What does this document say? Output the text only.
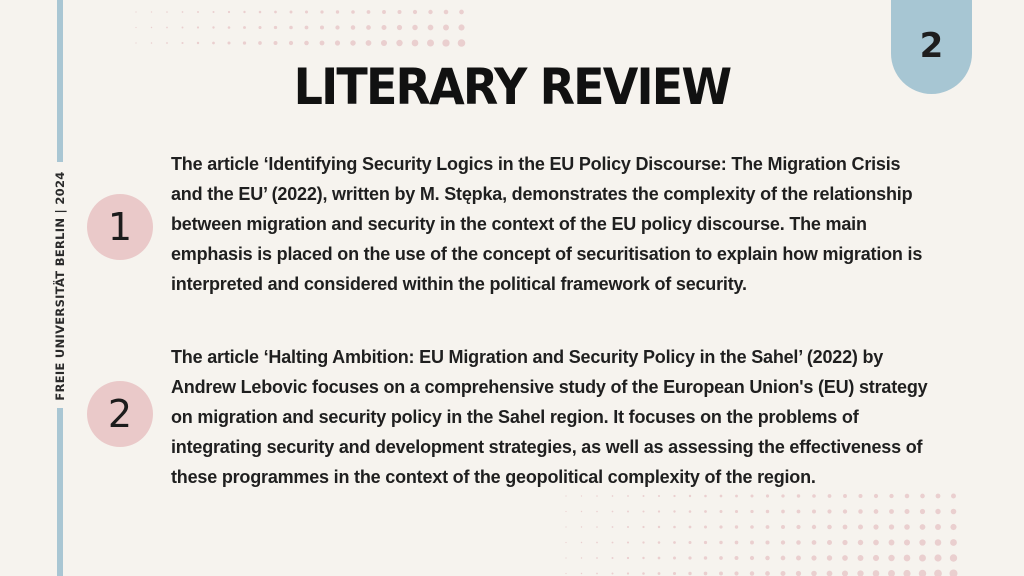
FREIE UNIVERSITÄT BERLIN | 2024
2
LITERARY REVIEW
1

The article ‘Identifying Security Logics in the EU Policy Discourse: The Migration Crisis and the EU’ (2022), written by M. Stępka, demonstrates the complexity of the relationship between migration and security in the context of the EU policy discourse. The main emphasis is placed on the use of the concept of securitisation to explain how migration is interpreted and considered within the political framework of security.

2

The article ‘Halting Ambition: EU Migration and Security Policy in the Sahel’ (2022) by Andrew Lebovic focuses on a comprehensive study of the European Union's (EU) strategy on migration and security policy in the Sahel region. It focuses on the problems of integrating security and development strategies, as well as assessing the effectiveness of these programmes in the context of the geopolitical complexity of the region.
